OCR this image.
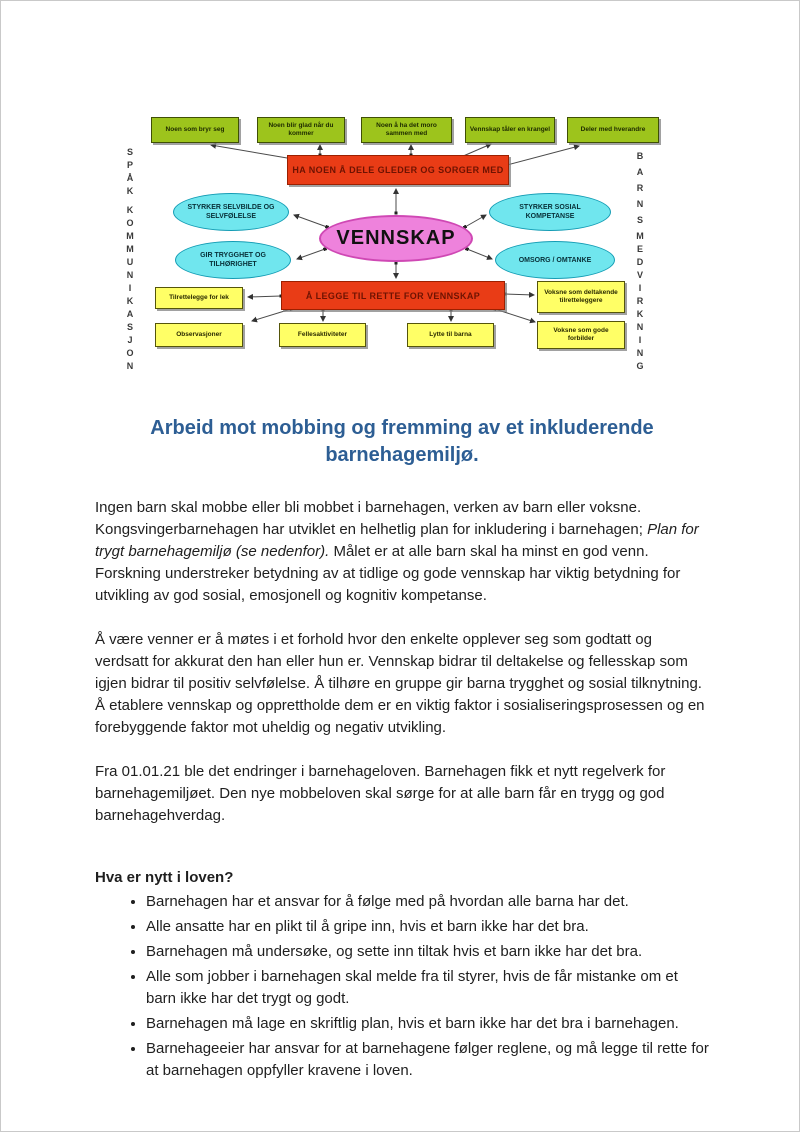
SPÅK
KOMMUNIKASJON
BARNS
MEDVIRKNING
Noen som bryr seg
Noen blir glad når du kommer
Noen å ha det moro sammen med
Vennskap tåler en krangel	Deler med hverandre
HA NOEN Å DELE GLEDER OG SORGER MED
STYRKER SELVBILDE OG SELVFØLELSE
STYRKER SOSIAL KOMPETANSE
GIR TRYGGHET OG TILHØRIGHET
OMSORG / OMTANKE
VENNSKAP
Å LEGGE TIL RETTE FOR VENNSKAP
Tilrettelegge for lek
Voksne som deltakende tilretteleggere
Observasjoner	Fellesaktiviteter	Lytte til barna
Voksne som gode forbilder
Arbeid mot mobbing og fremming av et inkluderende barnehagemiljø.

Ingen barn skal mobbe eller bli mobbet i barnehagen, verken av barn eller voksne. Kongsvingerbarnehagen har utviklet en helhetlig plan for inkludering i barnehagen; Plan for trygt barnehagemiljø (se nedenfor). Målet er at alle barn skal ha minst en god venn. Forskning understreker betydning av at tidlige og gode vennskap har viktig betydning for utvikling av god sosial, emosjonell og kognitiv kompetanse.

Å være venner er å møtes i et forhold hvor den enkelte opplever seg som godtatt og verdsatt for akkurat den han eller hun er. Vennskap bidrar til deltakelse og fellesskap som igjen bidrar til positiv selvfølelse. Å tilhøre en gruppe gir barna trygghet og sosial tilknytning. Å etablere vennskap og opprettholde dem er en viktig faktor i sosialiseringsprosessen og en forebyggende faktor mot uheldig og negativ utvikling.

Fra 01.01.21 ble det endringer i barnehageloven. Barnehagen fikk et nytt regelverk for barnehagemiljøet. Den nye mobbeloven skal sørge for at alle barn får en trygg og god barnehagehverdag.

Hva er nytt i loven?
• Barnehagen har et ansvar for å følge med på hvordan alle barna har det.
• Alle ansatte har en plikt til å gripe inn, hvis et barn ikke har det bra.
• Barnehagen må undersøke, og sette inn tiltak hvis et barn ikke har det bra.
• Alle som jobber i barnehagen skal melde fra til styrer, hvis de får mistanke om et barn ikke har det trygt og godt.
• Barnehagen må lage en skriftlig plan, hvis et barn ikke har det bra i barnehagen.
• Barnehageeier har ansvar for at barnehagene følger reglene, og må legge til rette for at barnehagen oppfyller kravene i loven.
